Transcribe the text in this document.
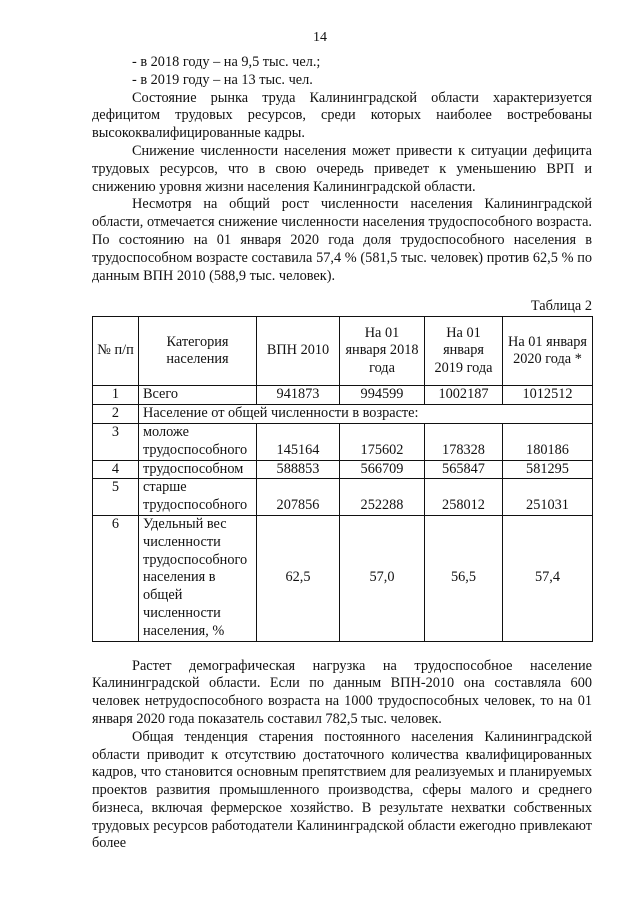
14

- в 2018 году – на 9,5 тыс. чел.;

- в 2019 году – на 13 тыс. чел.

Состояние рынка труда Калининградской области характеризуется дефицитом трудовых ресурсов, среди которых наиболее востребованы высококвалифицированные кадры.

Снижение численности населения может привести к ситуации дефицита трудовых ресурсов, что в свою очередь приведет к уменьшению ВРП и снижению уровня жизни населения Калининградской области.

Несмотря на общий рост численности населения Калининградской области, отмечается снижение численности населения трудоспособного возраста. По состоянию на 01 января 2020 года доля трудоспособного населения в трудоспособном возрасте составила 57,4 % (581,5 тыс. человек) против 62,5 % по данным ВПН 2010 (588,9 тыс. человек).

Таблица 2
№ п/п	Категория населения	ВПН 2010	На 01 января 2018 года	На 01 января 2019 года	На 01 января 2020 года *
1	Всего	941873	994599	1002187	1012512
2	Население от общей численности в возрасте:				
3	моложе трудоспособного	145164	175602	178328	180186
4	трудоспособном	588853	566709	565847	581295
5	старше трудоспособного	207856	252288	258012	251031
6	Удельный вес численности трудоспособного населения в общей численности населения, %	62,5	57,0	56,5	57,4

Растет демографическая нагрузка на трудоспособное население Калининградской области. Если по данным ВПН-2010 она составляла 600 человек нетрудоспособного возраста на 1000 трудоспособных человек, то на 01 января 2020 года показатель составил 782,5 тыс. человек.

Общая тенденция старения постоянного населения Калининградской области приводит к отсутствию достаточного количества квалифицированных кадров, что становится основным препятствием для реализуемых и планируемых проектов развития промышленного производства, сферы малого и среднего бизнеса, включая фермерское хозяйство. В результате нехватки собственных трудовых ресурсов работодатели Калининградской области ежегодно привлекают более
